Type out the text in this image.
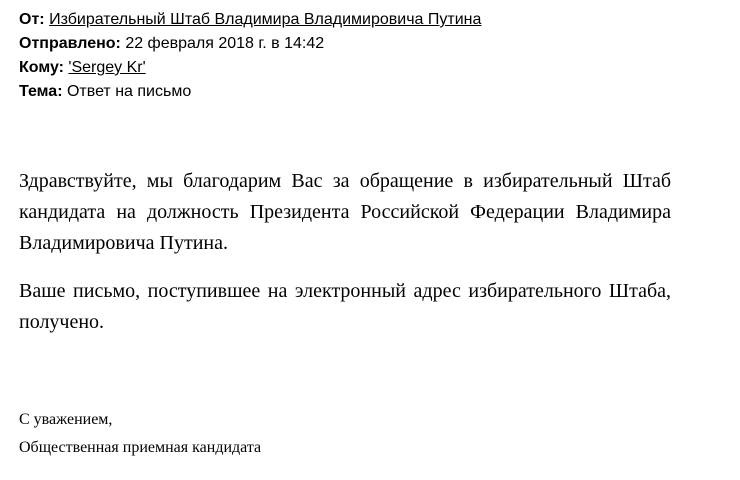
От: Избирательный Штаб Владимира Владимировича Путина
Отправлено: 22 февраля 2018 г. в 14:42
Кому: 'Sergey Kr'
Тема: Ответ на письмо
Здравствуйте, мы благодарим Вас за обращение в избирательный Штаб кандидата на должность Президента Российской Федерации Владимира Владимировича Путина.
Ваше письмо, поступившее на электронный адрес избирательного Штаба, получено.
С уважением,
Общественная приемная кандидата
